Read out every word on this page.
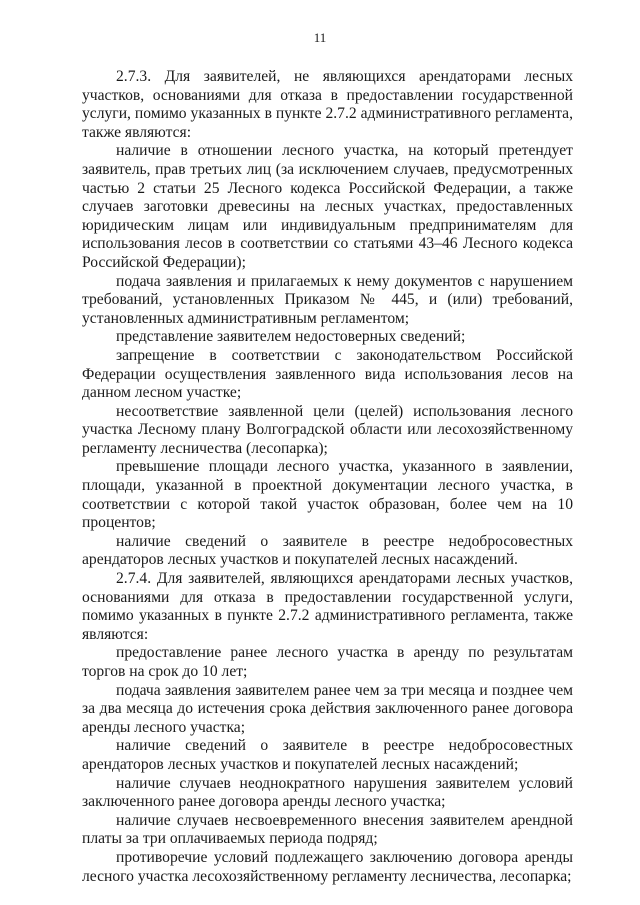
11

2.7.3. Для заявителей, не являющихся арендаторами лесных участков, основаниями для отказа в предоставлении государственной услуги, помимо указанных в пункте 2.7.2 административного регламента, также являются:

наличие в отношении лесного участка, на который претендует заявитель, прав третьих лиц (за исключением случаев, предусмотренных частью 2 статьи 25 Лесного кодекса Российской Федерации, а также случаев заготовки древесины на лесных участках, предоставленных юридическим лицам или индивидуальным предпринимателям для использования лесов в соответствии со статьями 43–46 Лесного кодекса Российской Федерации);

подача заявления и прилагаемых к нему документов с нарушением требований, установленных Приказом № 445, и (или) требований, установленных административным регламентом;

представление заявителем недостоверных сведений;

запрещение в соответствии с законодательством Российской Федерации осуществления заявленного вида использования лесов на данном лесном участке;

несоответствие заявленной цели (целей) использования лесного участка Лесному плану Волгоградской области или лесохозяйственному регламенту лесничества (лесопарка);

превышение площади лесного участка, указанного в заявлении, площади, указанной в проектной документации лесного участка, в соответствии с которой такой участок образован, более чем на 10 процентов;

наличие сведений о заявителе в реестре недобросовестных арендаторов лесных участков и покупателей лесных насаждений.

2.7.4. Для заявителей, являющихся арендаторами лесных участков, основаниями для отказа в предоставлении государственной услуги, помимо указанных в пункте 2.7.2 административного регламента, также являются:

предоставление ранее лесного участка в аренду по результатам торгов на срок до 10 лет;

подача заявления заявителем ранее чем за три месяца и позднее чем за два месяца до истечения срока действия заключенного ранее договора аренды лесного участка;

наличие сведений о заявителе в реестре недобросовестных арендаторов лесных участков и покупателей лесных насаждений;

наличие случаев неоднократного нарушения заявителем условий заключенного ранее договора аренды лесного участка;

наличие случаев несвоевременного внесения заявителем арендной платы за три оплачиваемых периода подряд;

противоречие условий подлежащего заключению договора аренды лесного участка лесохозяйственному регламенту лесничества, лесопарка;
